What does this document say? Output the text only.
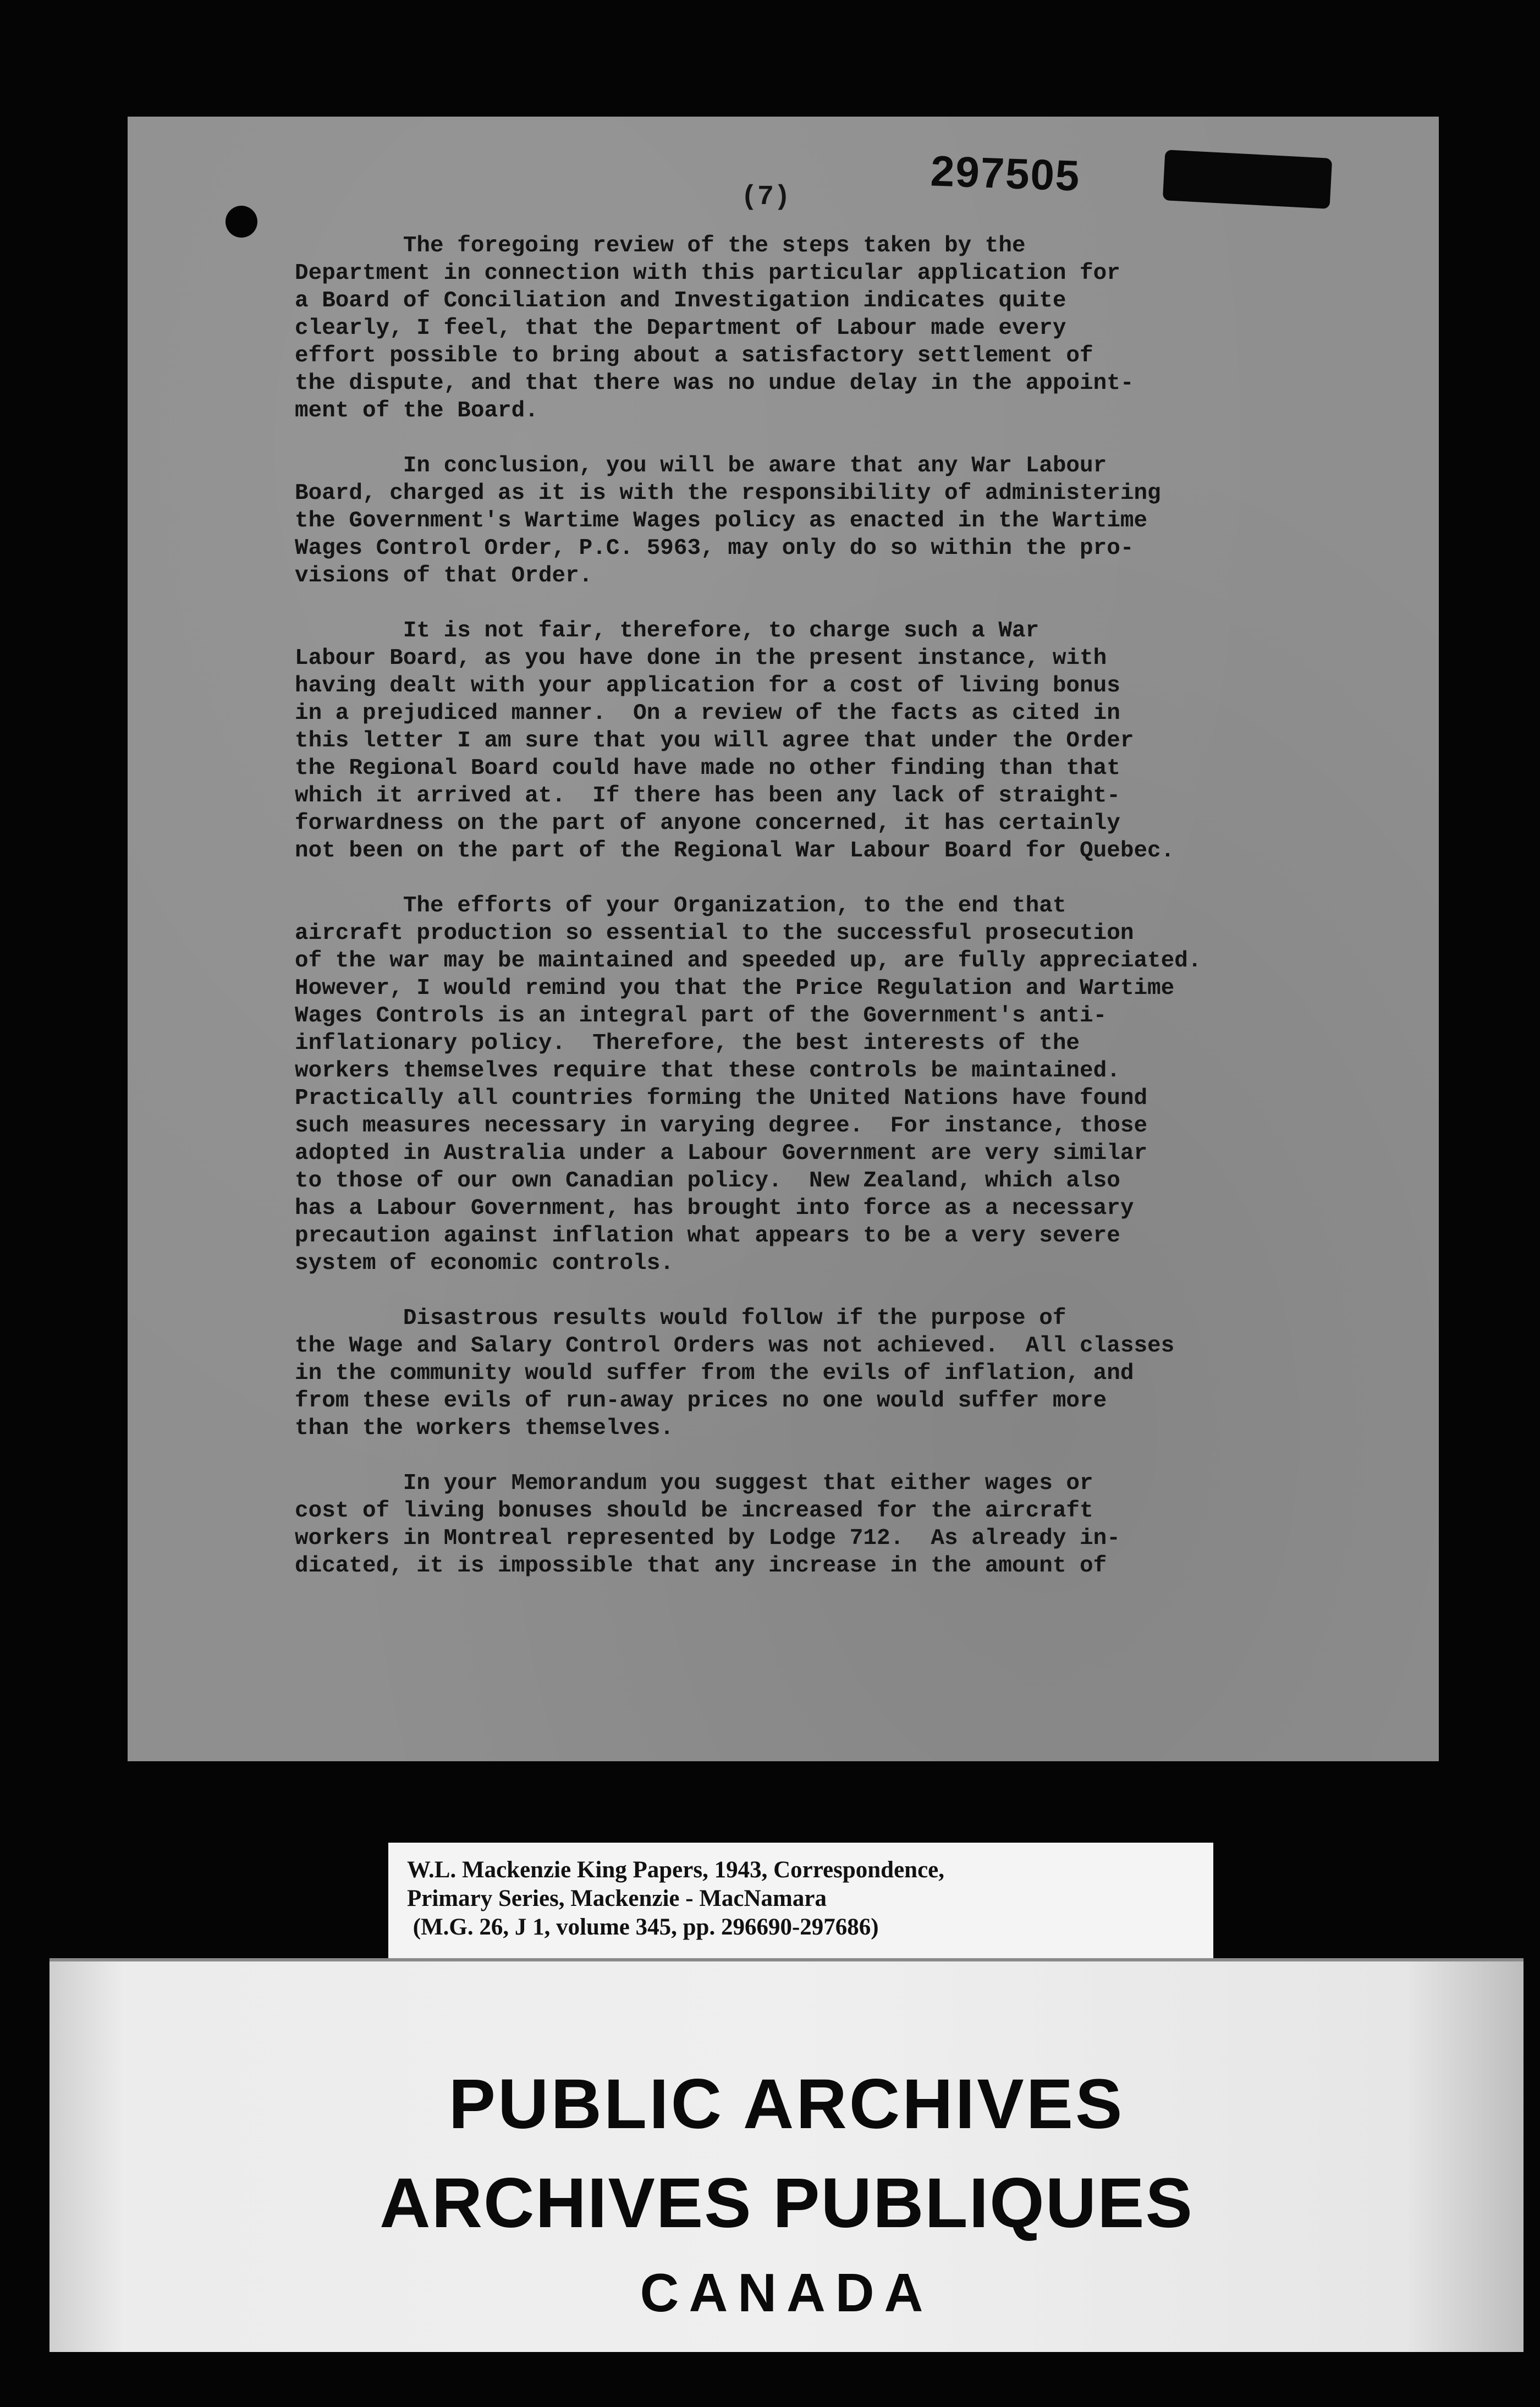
(7)	297505

The foregoing review of the steps taken by the
Department in connection with this particular application for
a Board of Conciliation and Investigation indicates quite
clearly, I feel, that the Department of Labour made every
effort possible to bring about a satisfactory settlement of
the dispute, and that there was no undue delay in the appoint-
ment of the Board.

In conclusion, you will be aware that any War Labour
Board, charged as it is with the responsibility of administering
the Government's Wartime Wages policy as enacted in the Wartime
Wages Control Order, P.C. 5963, may only do so within the pro-
visions of that Order.

It is not fair, therefore, to charge such a War
Labour Board, as you have done in the present instance, with
having dealt with your application for a cost of living bonus
in a prejudiced manner.  On a review of the facts as cited in
this letter I am sure that you will agree that under the Order
the Regional Board could have made no other finding than that
which it arrived at.  If there has been any lack of straight-
forwardness on the part of anyone concerned, it has certainly
not been on the part of the Regional War Labour Board for Quebec.

The efforts of your Organization, to the end that
aircraft production so essential to the successful prosecution
of the war may be maintained and speeded up, are fully appreciated.
However, I would remind you that the Price Regulation and Wartime
Wages Controls is an integral part of the Government's anti-
inflationary policy.  Therefore, the best interests of the
workers themselves require that these controls be maintained.
Practically all countries forming the United Nations have found
such measures necessary in varying degree.  For instance, those
adopted in Australia under a Labour Government are very similar
to those of our own Canadian policy.  New Zealand, which also
has a Labour Government, has brought into force as a necessary
precaution against inflation what appears to be a very severe
system of economic controls.

Disastrous results would follow if the purpose of
the Wage and Salary Control Orders was not achieved.  All classes
in the community would suffer from the evils of inflation, and
from these evils of run-away prices no one would suffer more
than the workers themselves.

In your Memorandum you suggest that either wages or
cost of living bonuses should be increased for the aircraft
workers in Montreal represented by Lodge 712.  As already in-
dicated, it is impossible that any increase in the amount of

W.L. Mackenzie King Papers, 1943, Correspondence,
Primary Series, Mackenzie - MacNamara
(M.G. 26, J 1, volume 345, pp. 296690-297686)
PUBLIC ARCHIVES
ARCHIVES PUBLIQUES
CANADA
